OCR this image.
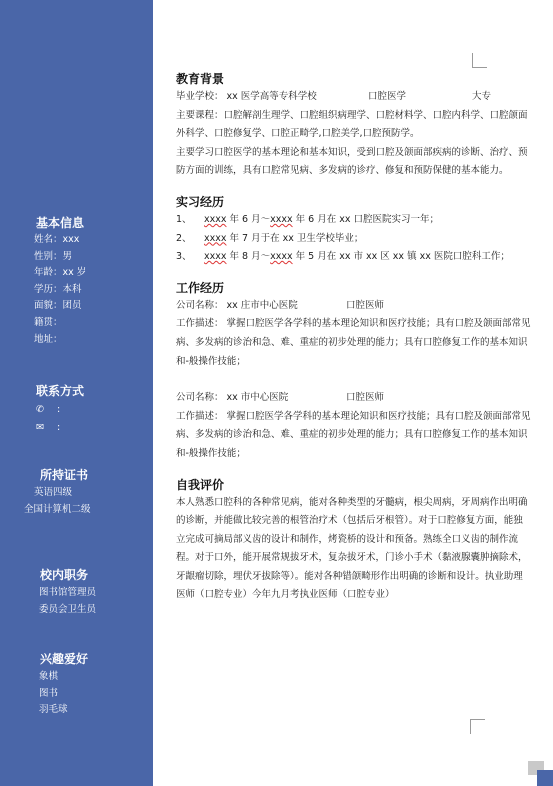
基本信息
姓名：xxx
性别：男
年龄：xx 岁
学历：本科
面貌：团员
籍贯：
地址：
联系方式
✆ :
✉ :
所持证书
英语四级
全国计算机二级
校内职务
图书馆管理员
委员会卫生员
兴趣爱好
象棋
图书
羽毛球
教育背景
毕业学校： xx 医学高等专科学校	口腔医学	大专
主要课程：口腔解剖生理学、口腔组织病理学、口腔材料学、口腔内科学、口腔颌面外科学、口腔修复学、口腔正畸学,口腔美学,口腔预防学。
主要学习口腔医学的基本理论和基本知识，受到口腔及颌面部疾病的诊断、治疗、预防方面的训练，具有口腔常见病、多发病的诊疗、修复和预防保健的基本能力。
实习经历
1、 xxxx 年 6 月～xxxx 年 6 月在 xx 口腔医院实习一年；
2、 xxxx 年 7 月于在 xx 卫生学校毕业；
3、 xxxx 年 8 月～xxxx 年 5 月在 xx 市 xx 区 xx 镇 xx 医院口腔科工作；
工作经历
公司名称： xx 庄市中心医院	口腔医师
工作描述： 掌握口腔医学各学科的基本理论知识和医疗技能；具有口腔及颌面部常见病、多发病的诊治和急、难、重症的初步处理的能力；具有口腔修复工作的基本知识和-般操作技能；
公司名称： xx 市中心医院	口腔医师
工作描述： 掌握口腔医学各学科的基本理论知识和医疗技能；具有口腔及颌面部常见病、多发病的诊治和急、难、重症的初步处理的能力；具有口腔修复工作的基本知识和-般操作技能；
自我评价
本人熟悉口腔科的各种常见病，能对各种类型的牙髓病，根尖周病，牙周病作出明确的诊断，并能做比较完善的根管治疗术（包括后牙根管）。对于口腔修复方面，能独立完成可摘局部义齿的设计和制作，烤瓷桥的设计和预备。熟练全口义齿的制作流程。对于口外，能开展常规拔牙术，复杂拔牙术，门诊小手术（黏液腺囊肿摘除术，牙龈瘤切除，埋伏牙拔除等）。能对各种错颌畸形作出明确的诊断和设计。执业助理医师（口腔专业）今年九月考执业医师（口腔专业）
